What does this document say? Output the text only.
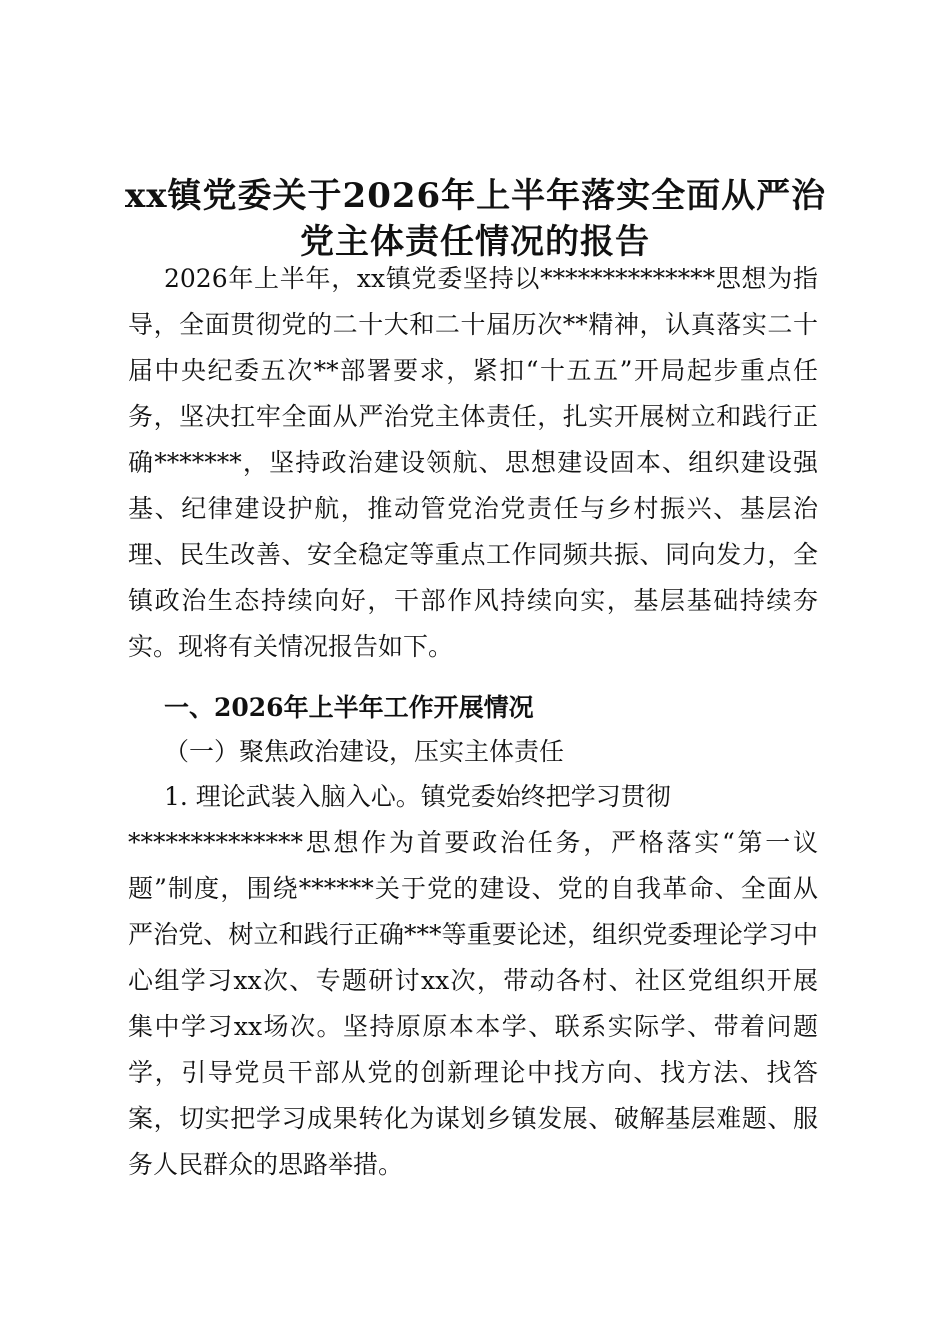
xx镇党委关于2026年上半年落实全面从严治
党主体责任情况的报告
2026年上半年，xx镇党委坚持以**************思想为指
导，全面贯彻党的二十大和二十届历次**精神，认真落实二十
届中央纪委五次**部署要求，紧扣“十五五”开局起步重点任
务，坚决扛牢全面从严治党主体责任，扎实开展树立和践行正
确*******，坚持政治建设领航、思想建设固本、组织建设强
基、纪律建设护航，推动管党治党责任与乡村振兴、基层治
理、民生改善、安全稳定等重点工作同频共振、同向发力，全
镇政治生态持续向好，干部作风持续向实，基层基础持续夯
实。现将有关情况报告如下。
一、2026年上半年工作开展情况
（一）聚焦政治建设，压实主体责任
1. 理论武装入脑入心。镇党委始终把学习贯彻
**************思想作为首要政治任务，严格落实“第一议
题”制度，围绕******关于党的建设、党的自我革命、全面从
严治党、树立和践行正确***等重要论述，组织党委理论学习中
心组学习xx次、专题研讨xx次，带动各村、社区党组织开展
集中学习xx场次。坚持原原本本学、联系实际学、带着问题
学，引导党员干部从党的创新理论中找方向、找方法、找答
案，切实把学习成果转化为谋划乡镇发展、破解基层难题、服
务人民群众的思路举措。
